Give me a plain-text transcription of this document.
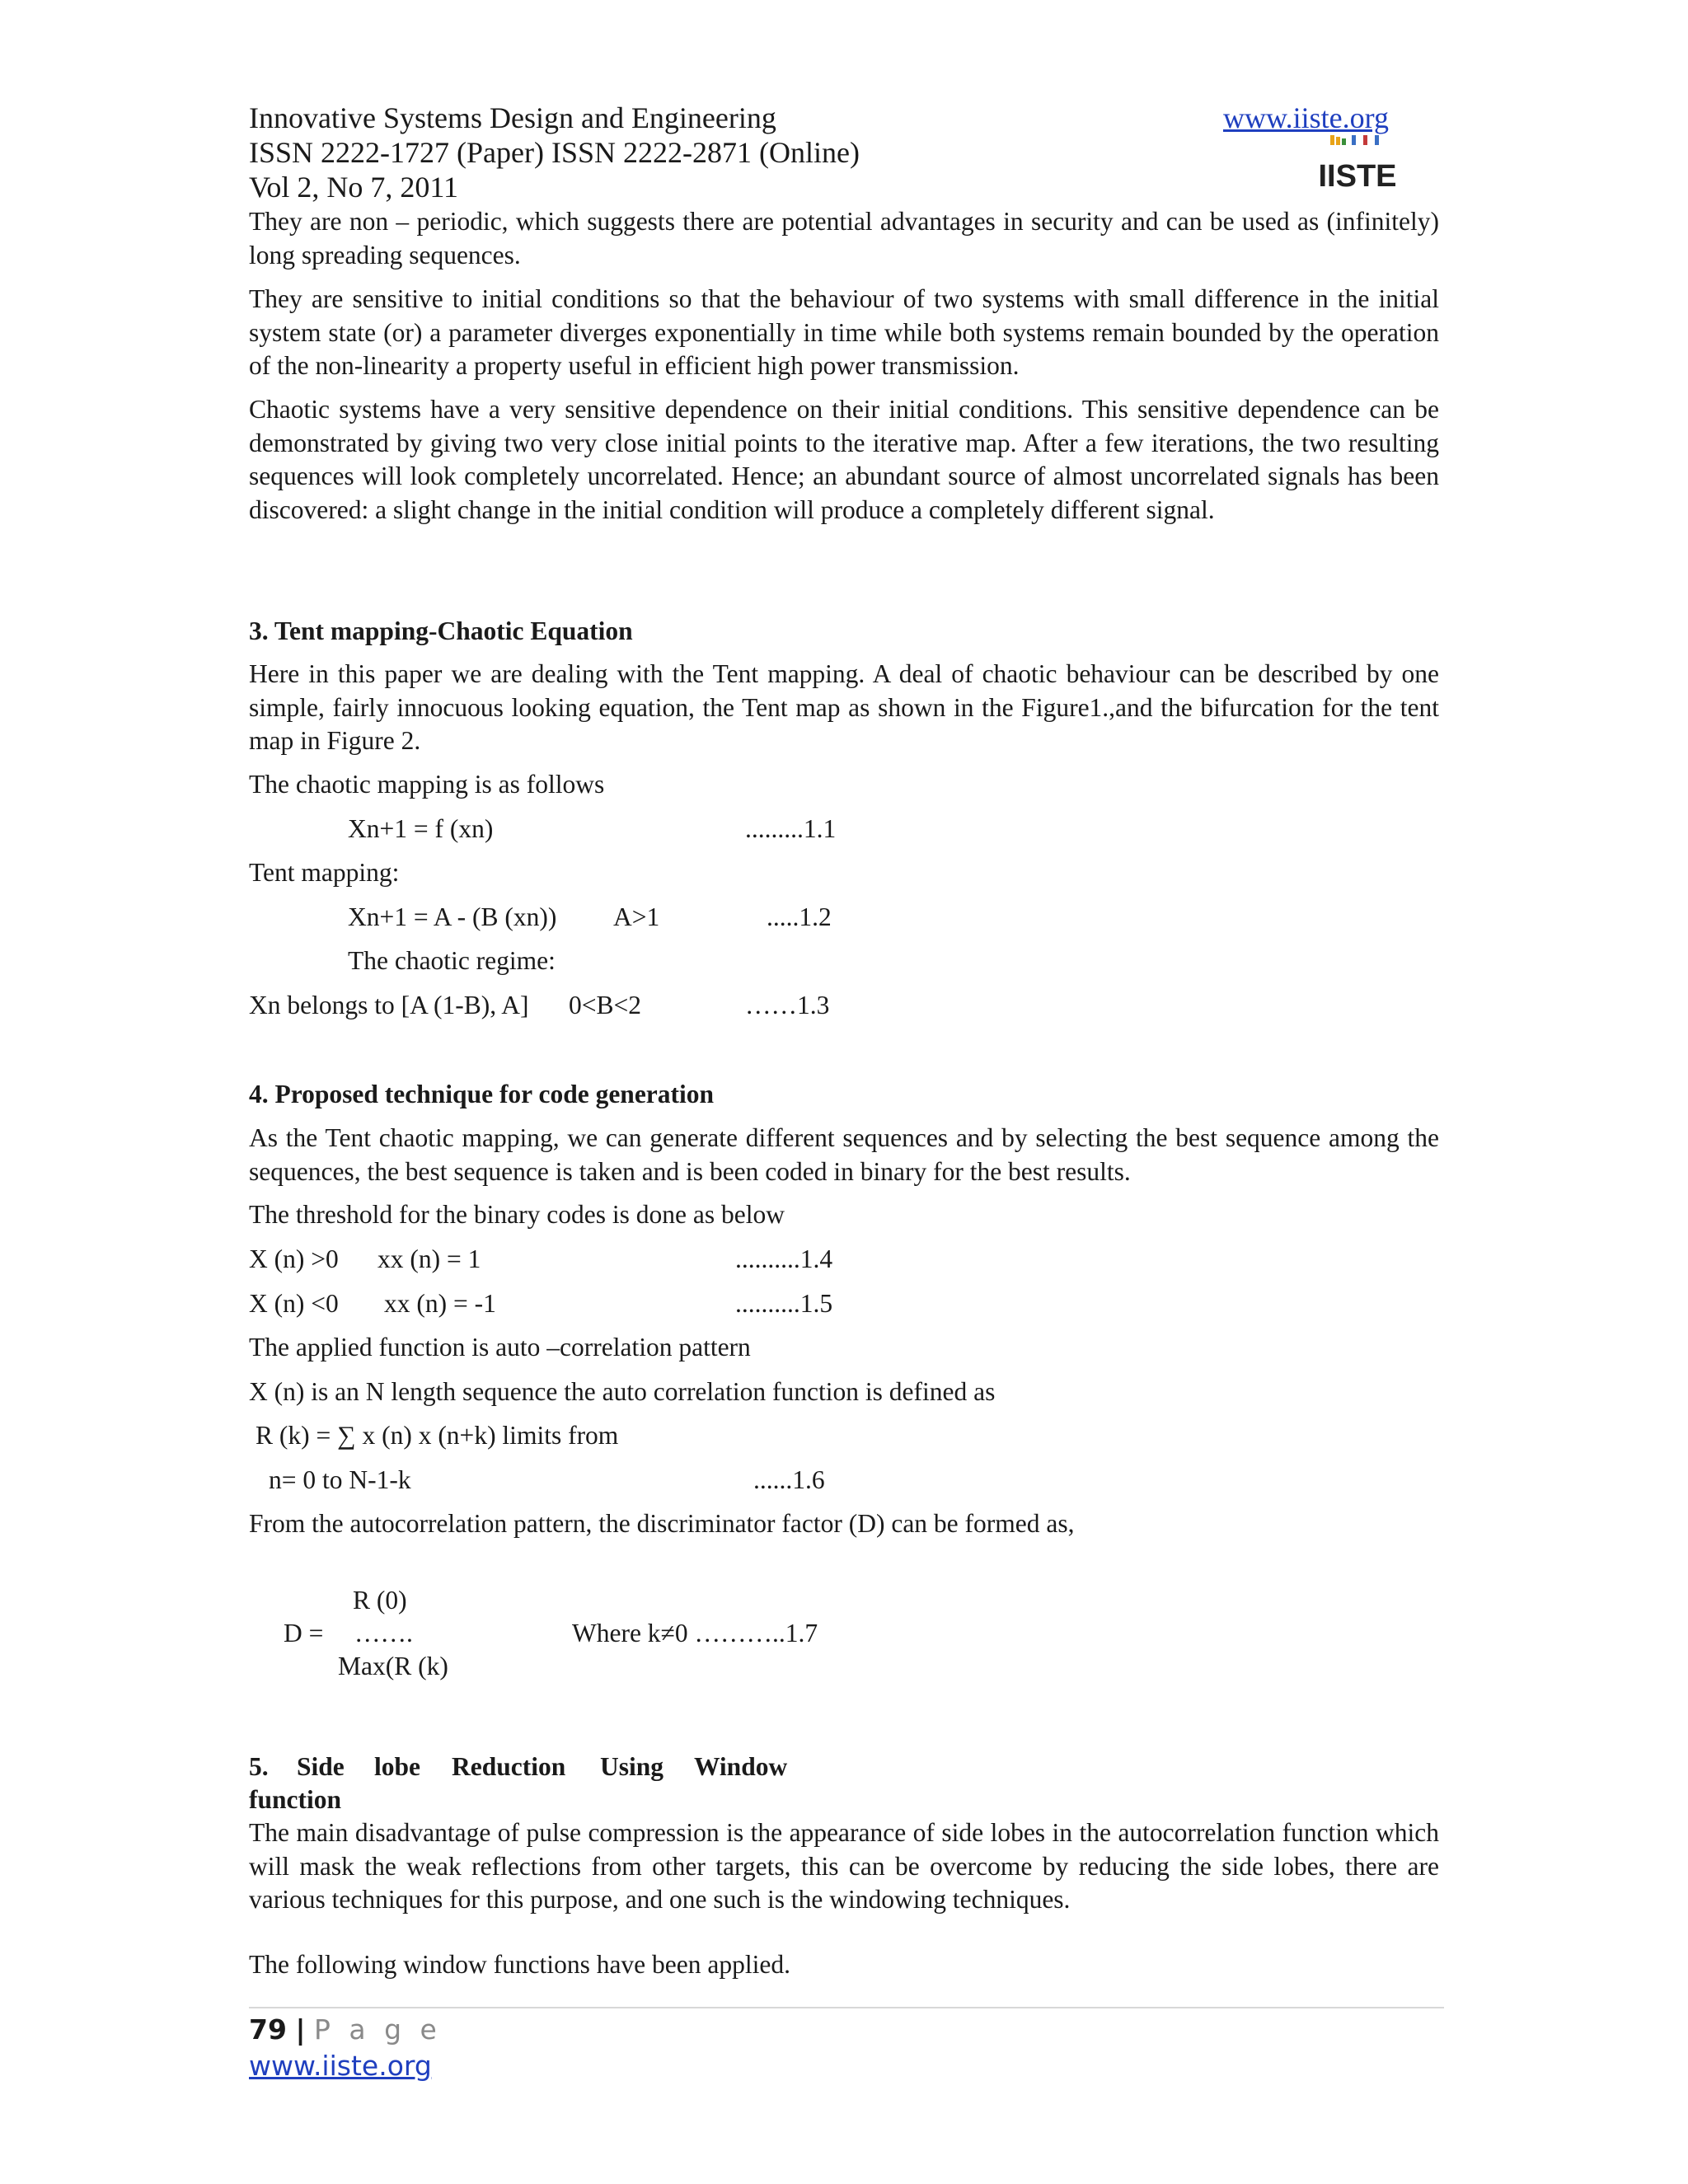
Innovative Systems Design and Engineering
ISSN 2222-1727 (Paper) ISSN 2222-2871 (Online)
Vol 2, No 7, 2011
www.iiste.org
IISTE
They are non – periodic, which suggests there are potential advantages in security and can be used as (infinitely) long spreading sequences.
They are sensitive to initial conditions so that the behaviour of two systems with small difference in the initial system state (or) a parameter diverges exponentially in time while both systems remain bounded by the operation of the non-linearity a property useful in efficient high power transmission.
Chaotic systems have a very sensitive dependence on their initial conditions. This sensitive dependence can be demonstrated by giving two very close initial points to the iterative map. After a few iterations, the two resulting sequences will look completely uncorrelated. Hence; an abundant source of almost uncorrelated signals has been discovered: a slight change in the initial condition will produce a completely different signal.
3. Tent mapping-Chaotic Equation
Here in this paper we are dealing with the Tent mapping. A deal of chaotic behaviour can be described by one simple, fairly innocuous looking equation, the Tent map as shown in the Figure1.,and the bifurcation for the tent map in Figure 2.
The chaotic mapping is as follows
Xn+1 = f (xn)	.........1.1
Tent mapping:
Xn+1 = A - (B (xn)) A>1	.....1.2
The chaotic regime:
Xn belongs to [A (1-B), A] 0<B<2	……1.3
4. Proposed technique for code generation
As the Tent chaotic mapping, we can generate different sequences and by selecting the best sequence among the sequences, the best sequence is taken and is been coded in binary for the best results.
The threshold for the binary codes is done as below
X (n) >0 xx (n) = 1	..........1.4
X (n) <0 xx (n) = -1	..........1.5
The applied function is auto –correlation pattern
X (n) is an N length sequence the auto correlation function is defined as
R (k) = ∑ x (n) x (n+k) limits from
n= 0 to N-1-k	......1.6
From the autocorrelation pattern, the discriminator factor (D) can be formed as,
R (0)
D = …….	Where k≠0 ………..1.7
Max(R (k)
5. Side lobe Reduction Using Window
function
The main disadvantage of pulse compression is the appearance of side lobes in the autocorrelation function which will mask the weak reflections from other targets, this can be overcome by reducing the side lobes, there are various techniques for this purpose, and one such is the windowing techniques.
The following window functions have been applied.
79 | P a g e
www.iiste.org
